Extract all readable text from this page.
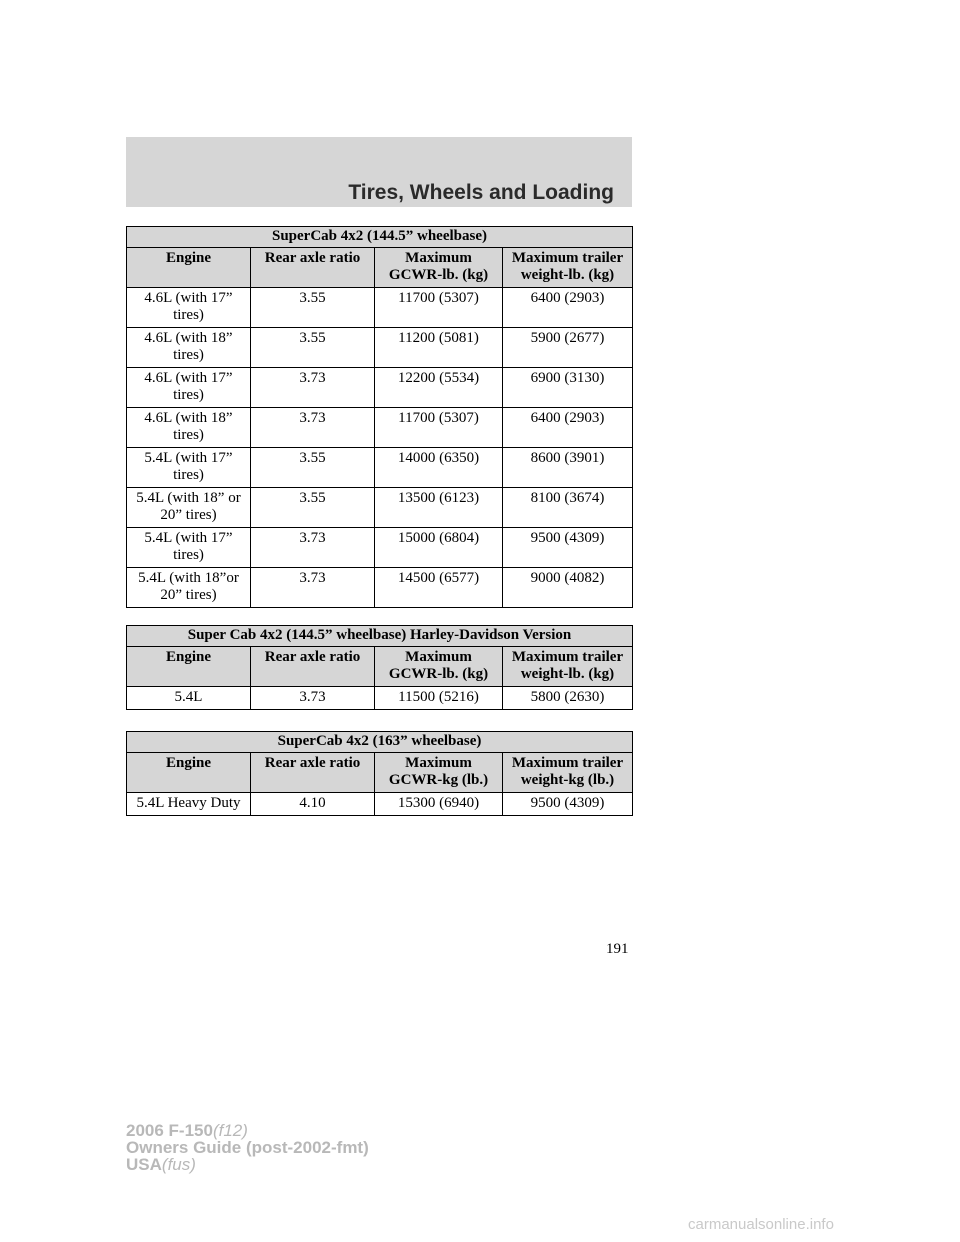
Tires, Wheels and Loading
SuperCab 4x2 (144.5” wheelbase)			
Engine	Rear axle ratio	Maximum GCWR-lb. (kg)	Maximum trailer weight-lb. (kg)
4.6L (with 17” tires)	3.55	11700 (5307)	6400 (2903)
4.6L (with 18” tires)	3.55	11200 (5081)	5900 (2677)
4.6L (with 17” tires)	3.73	12200 (5534)	6900 (3130)
4.6L (with 18” tires)	3.73	11700 (5307)	6400 (2903)
5.4L (with 17” tires)	3.55	14000 (6350)	8600 (3901)
5.4L (with 18” or 20” tires)	3.55	13500 (6123)	8100 (3674)
5.4L (with 17” tires)	3.73	15000 (6804)	9500 (4309)
5.4L (with 18”or 20” tires)	3.73	14500 (6577)	9000 (4082)
Super Cab 4x2 (144.5” wheelbase) Harley-Davidson Version			
Engine	Rear axle ratio	Maximum GCWR-lb. (kg)	Maximum trailer weight-lb. (kg)
5.4L	3.73	11500 (5216)	5800 (2630)
SuperCab 4x2 (163” wheelbase)			
Engine	Rear axle ratio	Maximum GCWR-kg (lb.)	Maximum trailer weight-kg (lb.)
5.4L Heavy Duty	4.10	15300 (6940)	9500 (4309)
191
2006 F-150(f12)
Owners Guide (post-2002-fmt)
USA(fus)
carmanualsonline.info
